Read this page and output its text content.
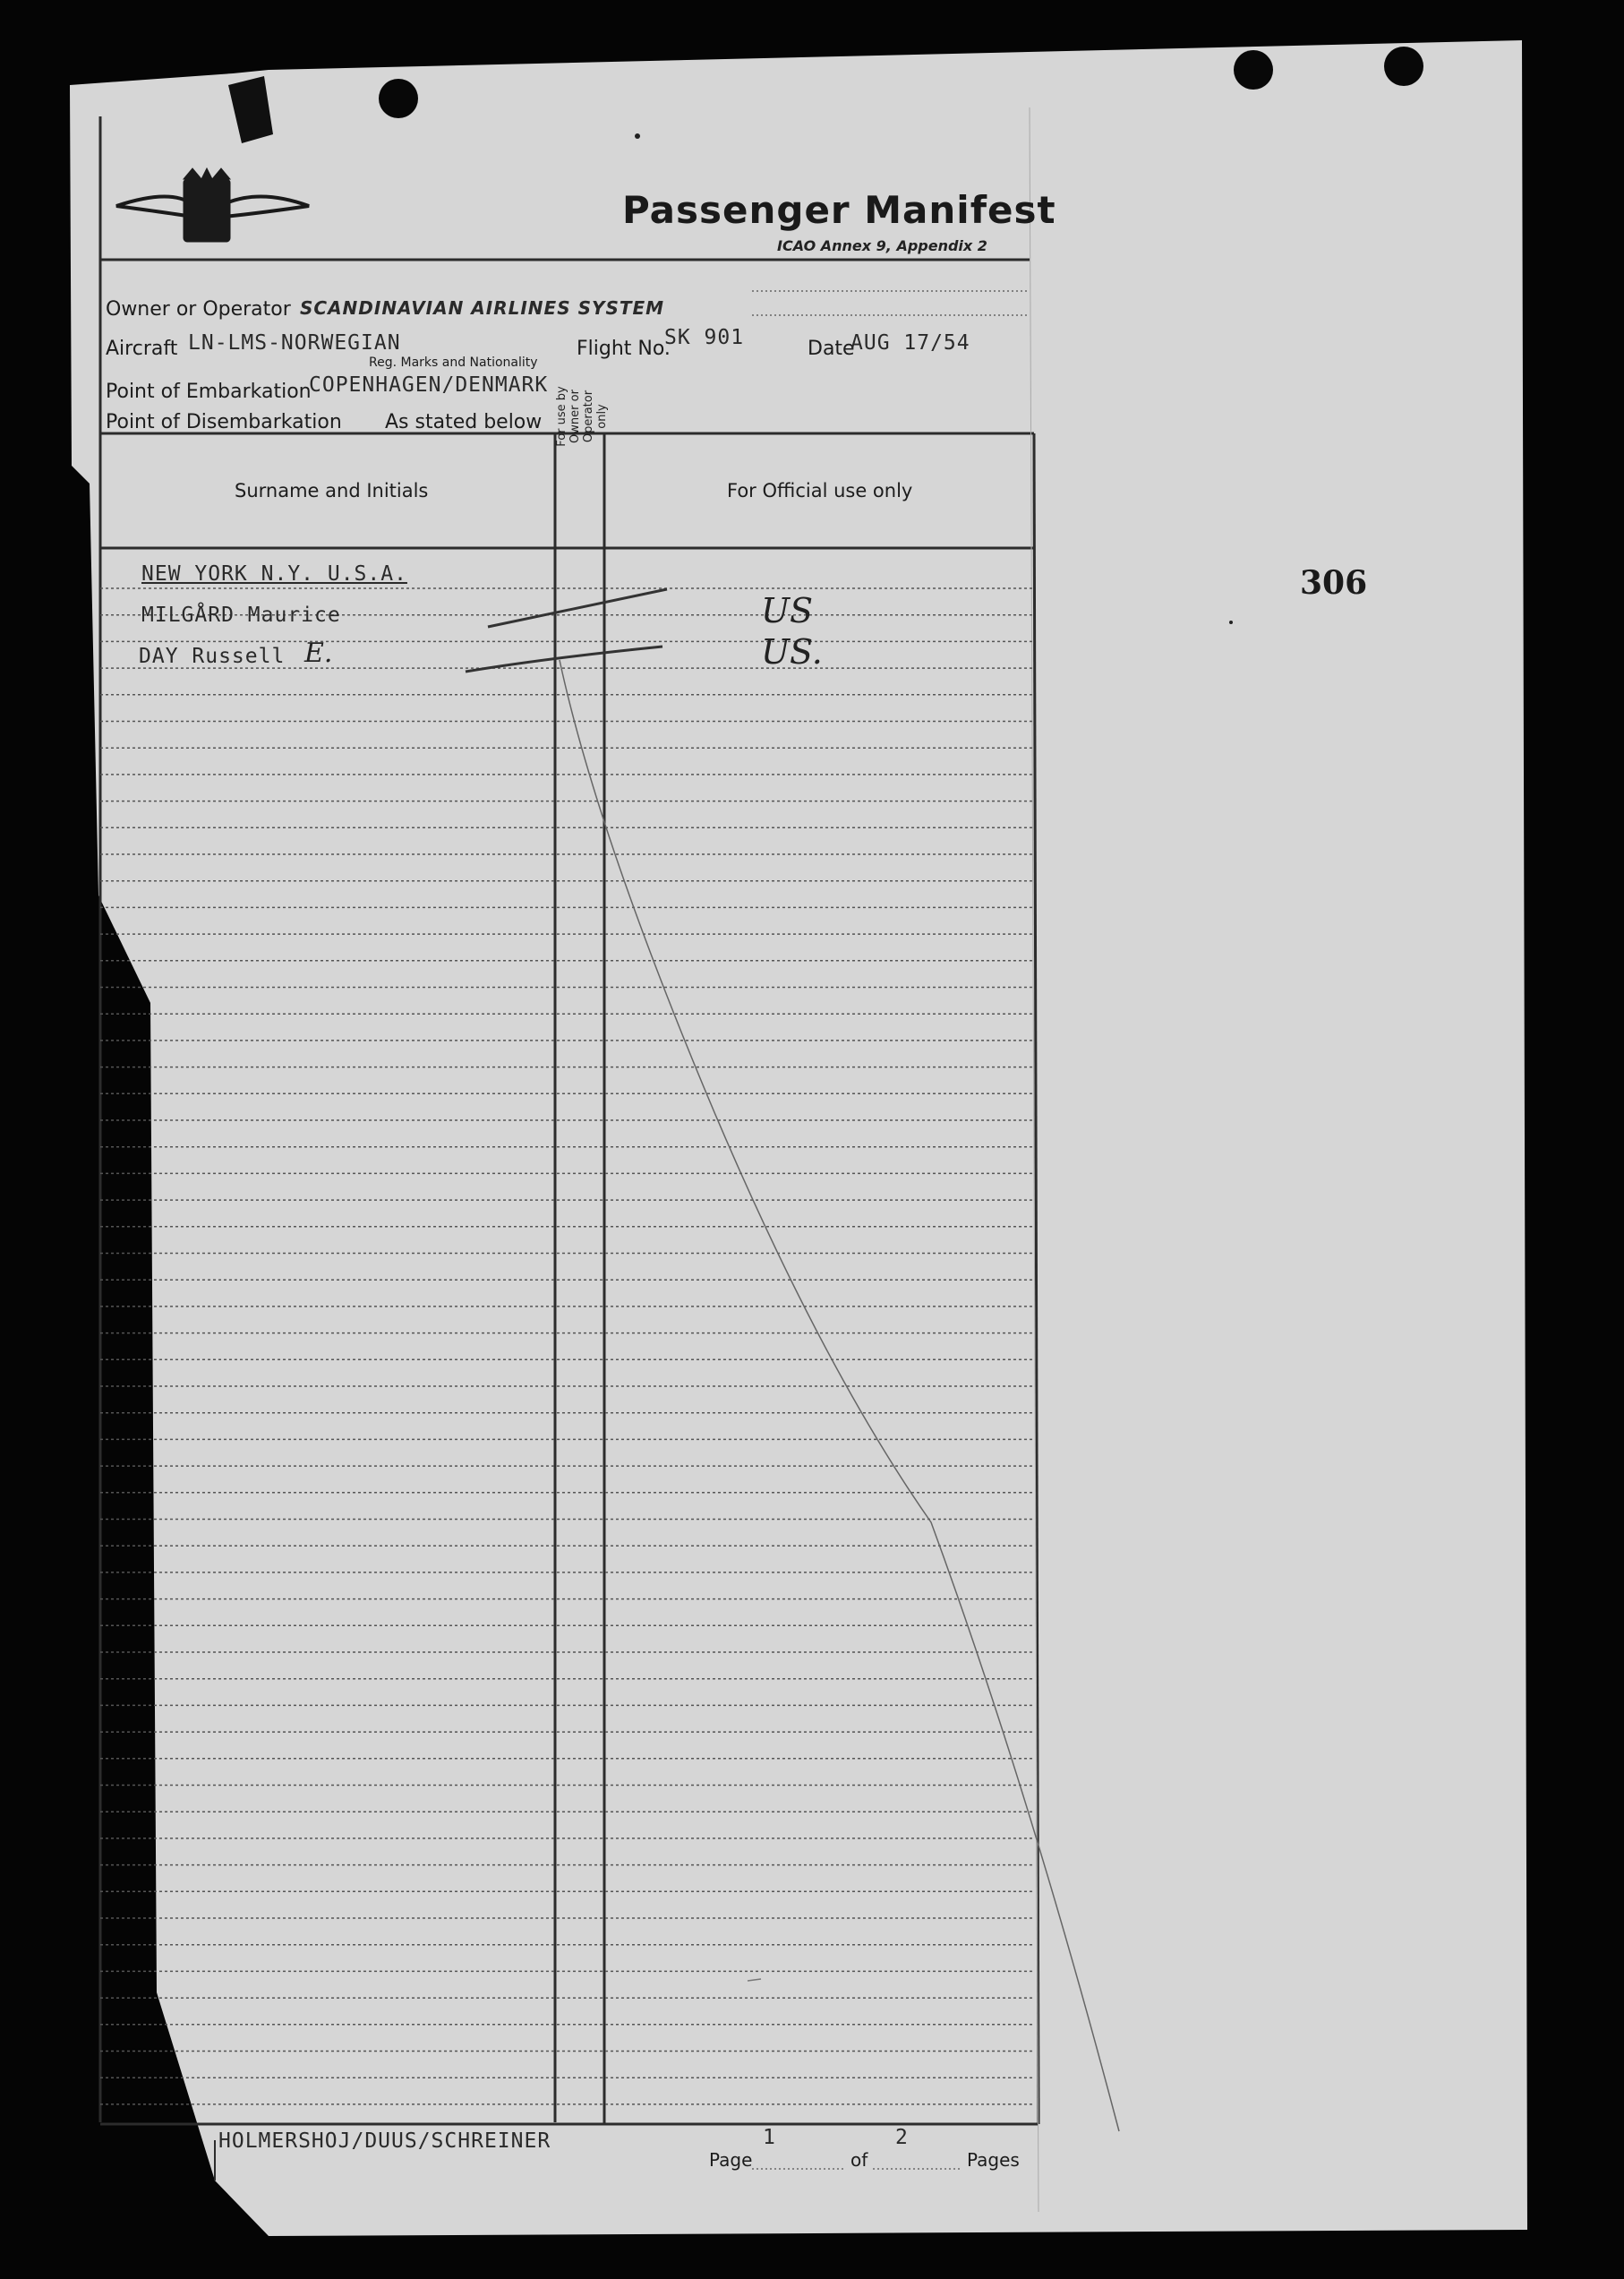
Passenger Manifest
ICAO Annex 9, Appendix 2
Owner or Operator SCANDINAVIAN AIRLINES SYSTEM
Aircraft LN-LMS-NORWEGIAN
Reg. Marks and Nationality
Flight No.
SK 901	Date
AUG 17/54
Point of Embarkation
COPENHAGEN/DENMARK
Point of Disembarkation As stated below
Surname and Initials
For use by Owner or Operator only
For Official use only
NEW YORK N.Y. U.S.A.
MILGÅRD Maurice	US
DAY Russell E.	US.
HOLMERSHOJ/DUUS/SCHREINER
Page
1
of
2
Pages
306
